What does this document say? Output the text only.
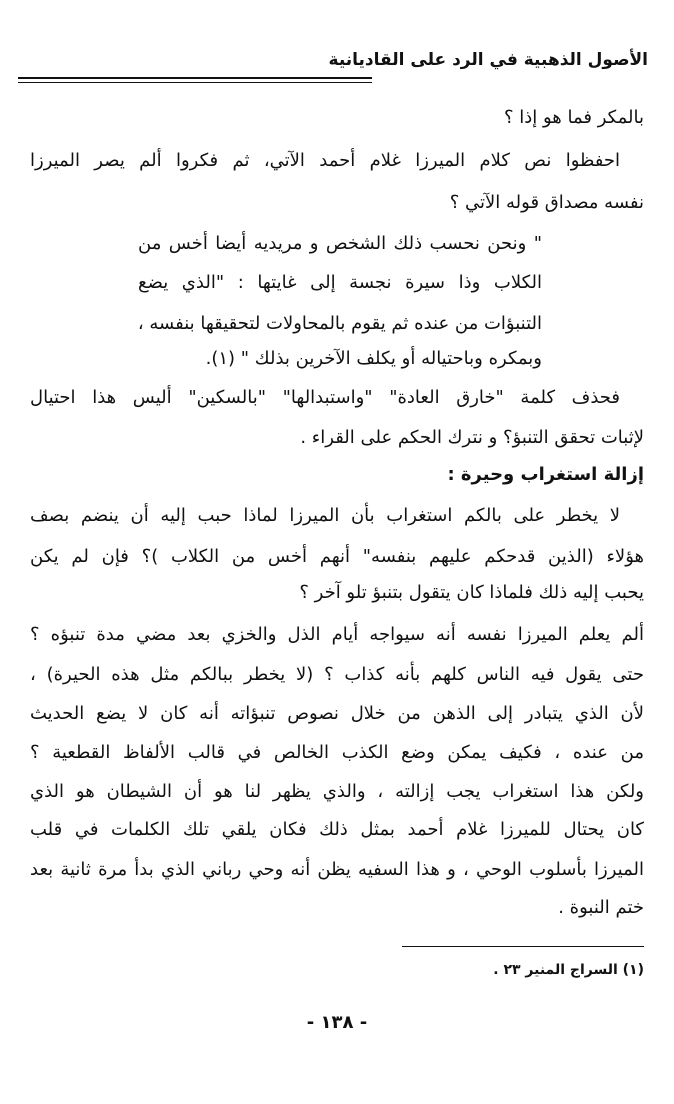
الأصول الذهبية في الرد على القاديانية
بالمكر فما هو إذا ؟
احفظوا نص كلام الميرزا غلام أحمد الآتي، ثم فكروا ألم يصر الميرزا
نفسه مصداق قوله الآتي ؟
" ونحن نحسب ذلك الشخص و مريديه أيضا أخس من
الكلاب وذا سيرة نجسة إلى غايتها : "الذي يضع
التنبؤات من عنده ثم يقوم بالمحاولات لتحقيقها بنفسه ،
وبمكره وباحتياله أو يكلف الآخرين بذلك " (١).
فحذف كلمة "خارق العادة" "واستبدالها" "بالسكين" أليس هذا احتيال
لإثبات تحقق التنبؤ؟ و نترك الحكم على القراء .
إزالة استغراب وحيرة :
لا يخطر على بالكم استغراب بأن الميرزا لماذا حبب إليه أن ينضم بصف
هؤلاء (الذين قدحكم عليهم بنفسه" أنهم أخس من الكلاب )؟ فإن لم يكن
يحبب إليه ذلك فلماذا كان يتقول بتنبؤ تلو آخر ؟
ألم يعلم الميرزا نفسه أنه سيواجه أيام الذل والخزي بعد مضي مدة تنبؤه ؟
حتى يقول فيه الناس كلهم بأنه كذاب ؟ (لا يخطر ببالكم مثل هذه الحيرة) ،
لأن الذي يتبادر إلى الذهن من خلال نصوص تنبؤاته أنه كان لا يضع الحديث
من عنده ، فكيف يمكن وضع الكذب الخالص في قالب الألفاظ القطعية ؟
ولكن هذا استغراب يجب إزالته ، والذي يظهر لنا هو أن الشيطان هو الذي
كان يحتال للميرزا غلام أحمد بمثل ذلك فكان يلقي تلك الكلمات في قلب
الميرزا بأسلوب الوحي ، و هذا السفيه يظن أنه وحي رباني الذي بدأ مرة ثانية بعد
ختم النبوة .
(١) السراج المنير ٢٣ .
- ١٣٨ -
